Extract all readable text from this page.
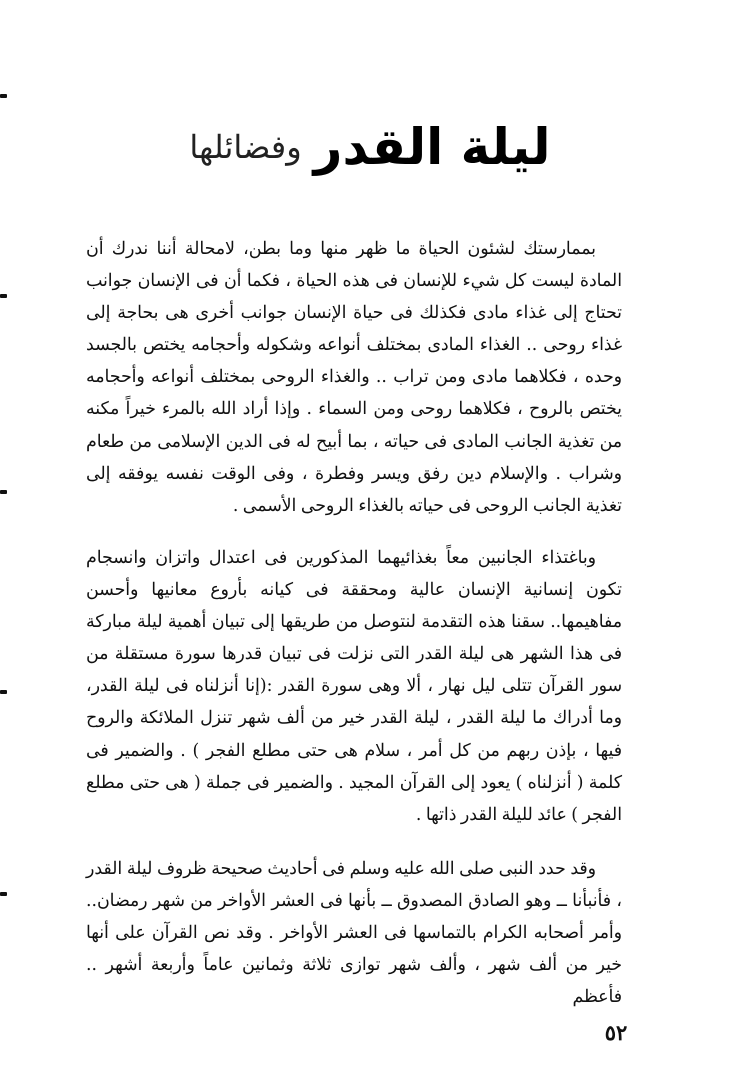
ليلة القدروفضائلها

بممارستك لشئون الحياة ما ظهر منها وما بطن، لامحالة أننا ندرك أن المادة ليست كل شيء للإنسان فى هذه الحياة ، فكما أن فى الإنسان جوانب تحتاج إلى غذاء مادى فكذلك فى حياة الإنسان جوانب أخرى هى بحاجة إلى غذاء روحى .. الغذاء المادى بمختلف أنواعه وشكوله وأحجامه يختص بالجسد وحده ، فكلاهما مادى ومن تراب .. والغذاء الروحى بمختلف أنواعه وأحجامه يختص بالروح ، فكلاهما روحى ومن السماء . وإذا أراد الله بالمرء خيراً مكنه من تغذية الجانب المادى فى حياته ، بما أبيح له فى الدين الإسلامى من طعام وشراب . والإسلام دين رفق ويسر وفطرة ، وفى الوقت نفسه يوفقه إلى تغذية الجانب الروحى فى حياته بالغذاء الروحى الأسمى .

وباغتذاء الجانبين معاً بغذائيهما المذكورين فى اعتدال واتزان وانسجام تكون إنسانية الإنسان عالية ومحققة فى كيانه بأروع معانيها وأحسن مفاهيمها.. سقنا هذه التقدمة لنتوصل من طريقها إلى تبيان أهمية ليلة مباركة فى هذا الشهر هى ليلة القدر التى نزلت فى تبيان قدرها سورة مستقلة من سور القرآن تتلى ليل نهار ، ألا وهى سورة القدر :(إنا أنزلناه فى ليلة القدر، وما أدراك ما ليلة القدر ، ليلة القدر خير من ألف شهر تنزل الملائكة والروح فيها ، بإذن ربهم من كل أمر ، سلام هى حتى مطلع الفجر ) . والضمير فى كلمة ( أنزلناه ) يعود إلى القرآن المجيد . والضمير فى جملة ( هى حتى مطلع الفجر ) عائد لليلة القدر ذاتها .

وقد حدد النبى صلى الله عليه وسلم فى أحاديث صحيحة ظروف ليلة القدر ، فأنبأنا ــ وهو الصادق المصدوق ــ بأنها فى العشر الأواخر من شهر رمضان.. وأمر أصحابه الكرام بالتماسها فى العشر الأواخر . وقد نص القرآن على أنها خير من ألف شهر ، وألف شهر توازى ثلاثة وثمانين عاماً وأربعة أشهر .. فأعظم

٥٢
